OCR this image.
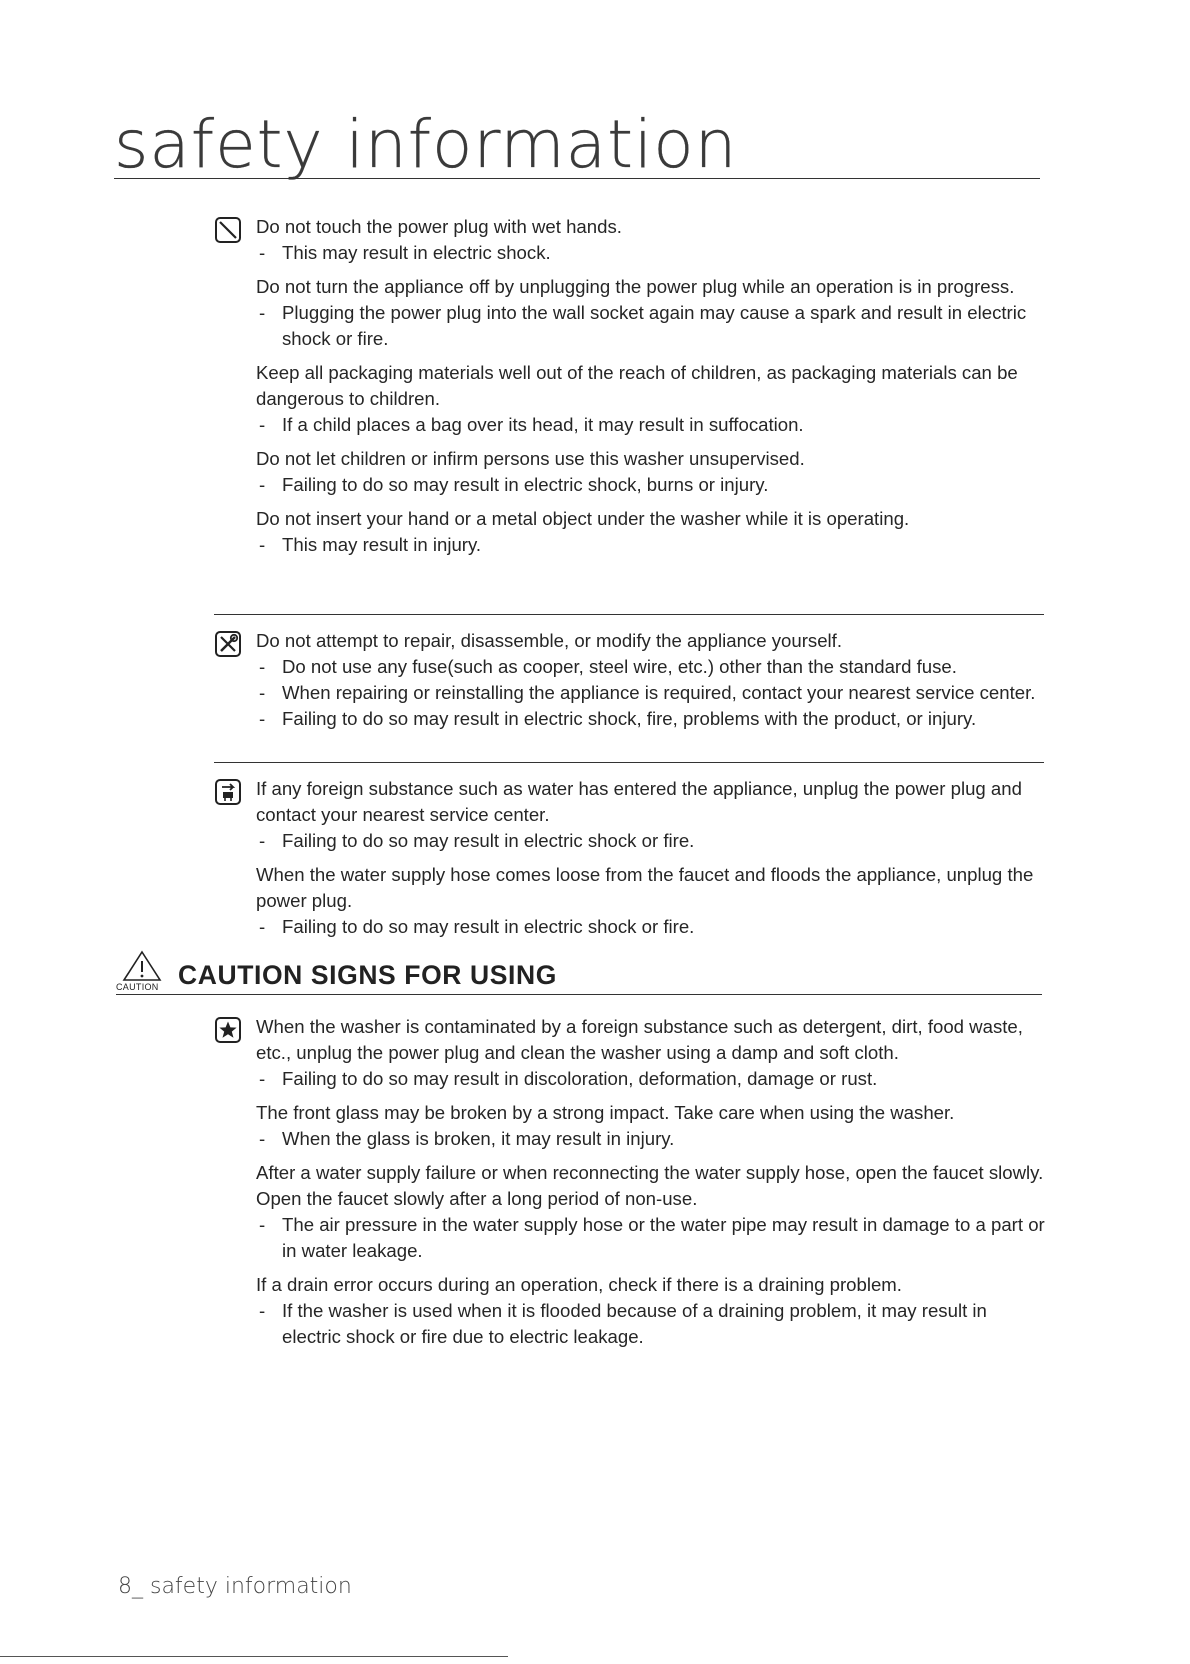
safety information

Do not touch the power plug with wet hands.

- This may result in electric shock.

Do not turn the appliance off by unplugging the power plug while an operation is in progress.

- Plugging the power plug into the wall socket again may cause a spark and result in electric shock or fire.

Keep all packaging materials well out of the reach of children, as packaging materials can be dangerous to children.

- If a child places a bag over its head, it may result in suffocation.

Do not let children or infirm persons use this washer unsupervised.

- Failing to do so may result in electric shock, burns or injury.

Do not insert your hand or a metal object under the washer while it is operating.

- This may result in injury.

Do not attempt to repair, disassemble, or modify the appliance yourself.

- Do not use any fuse(such as cooper, steel wire, etc.) other than the standard fuse.

- When repairing or reinstalling the appliance is required, contact your nearest service center.

- Failing to do so may result in electric shock, fire, problems with the product, or injury.

If any foreign substance such as water has entered the appliance, unplug the power plug and contact your nearest service center.

- Failing to do so may result in electric shock or fire.

When the water supply hose comes loose from the faucet and floods the appliance, unplug the power plug.

- Failing to do so may result in electric shock or fire.

CAUTION CAUTION SIGNS FOR USING

When the washer is contaminated by a foreign substance such as detergent, dirt, food waste, etc., unplug the power plug and clean the washer using a damp and soft cloth.

- Failing to do so may result in discoloration, deformation, damage or rust.

The front glass may be broken by a strong impact. Take care when using the washer.

- When the glass is broken, it may result in injury.

After a water supply failure or when reconnecting the water supply hose, open the faucet slowly.

Open the faucet slowly after a long period of non-use.

- The air pressure in the water supply hose or the water pipe may result in damage to a part or in water leakage.

If a drain error occurs during an operation, check if there is a draining problem.

- If the washer is used when it is flooded because of a draining problem, it may result in electric shock or fire due to electric leakage.

8_ safety information
